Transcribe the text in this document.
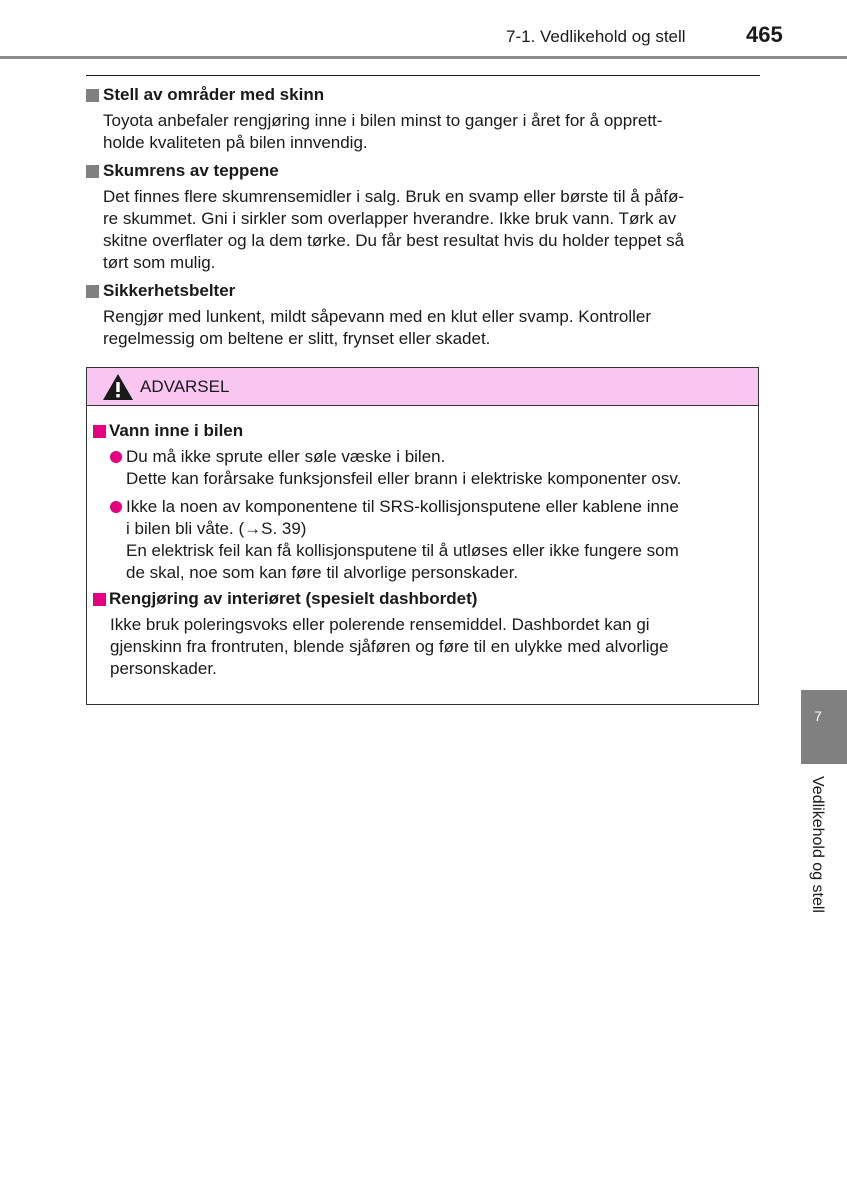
7-1. Vedlikehold og stell	465
Stell av områder med skinn
Toyota anbefaler rengjøring inne i bilen minst to ganger i året for å opprett-
holde kvaliteten på bilen innvendig.
Skumrens av teppene
Det finnes flere skumrensemidler i salg. Bruk en svamp eller børste til å påfø-
re skummet. Gni i sirkler som overlapper hverandre. Ikke bruk vann. Tørk av
skitne overflater og la dem tørke. Du får best resultat hvis du holder teppet så
tørt som mulig.
Sikkerhetsbelter
Rengjør med lunkent, mildt såpevann med en klut eller svamp. Kontroller
regelmessig om beltene er slitt, frynset eller skadet.
ADVARSEL
Vann inne i bilen
Du må ikke sprute eller søle væske i bilen.
Dette kan forårsake funksjonsfeil eller brann i elektriske komponenter osv.
Ikke la noen av komponentene til SRS-kollisjonsputene eller kablene inne
i bilen bli våte. (→S. 39)
En elektrisk feil kan få kollisjonsputene til å utløses eller ikke fungere som
de skal, noe som kan føre til alvorlige personskader.
Rengjøring av interiøret (spesielt dashbordet)
Ikke bruk poleringsvoks eller polerende rensemiddel. Dashbordet kan gi
gjenskinn fra frontruten, blende sjåføren og føre til en ulykke med alvorlige
personskader.
7
Vedlikehold og stell
